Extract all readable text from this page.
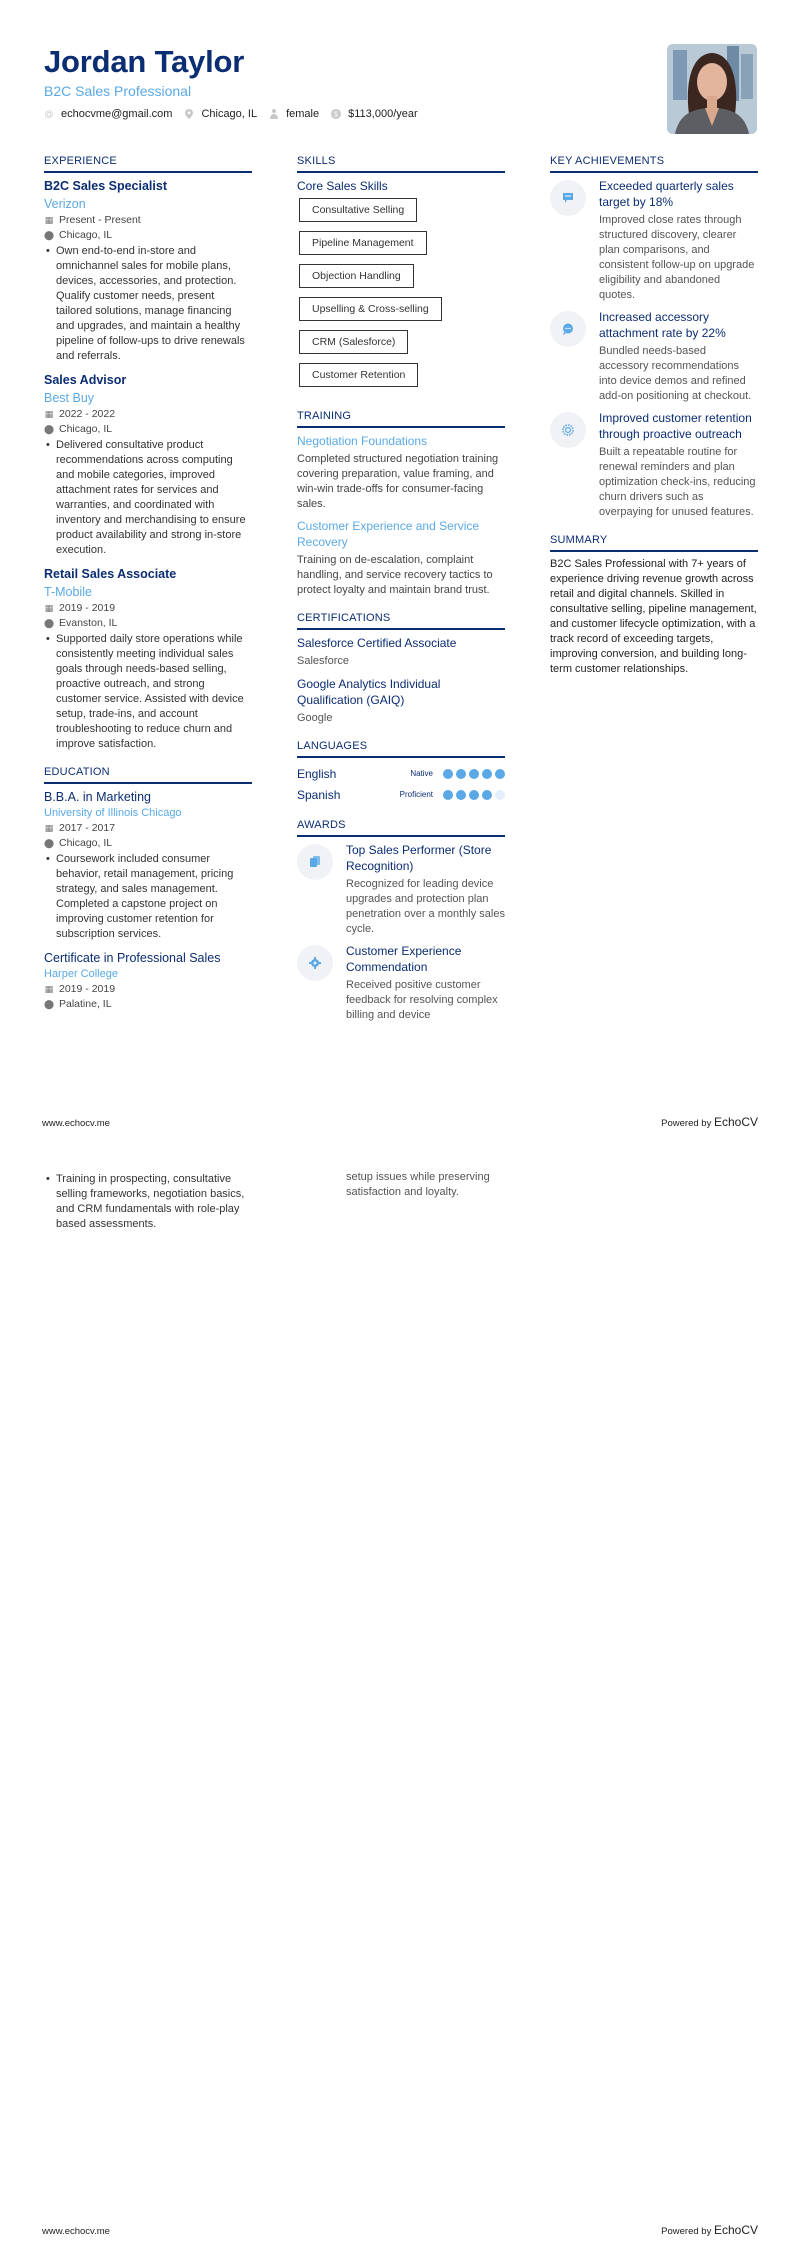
Jordan Taylor
B2C Sales Professional
@ echocvme@gmail.com	Chicago, IL	female $ $113,000/year
EXPERIENCE
B2C Sales Specialist
Verizon
▦ Present - Present
⬤ Chicago, IL
• Own end-to-end in-store and omnichannel sales for mobile plans, devices, accessories, and protection. Qualify customer needs, present tailored solutions, manage financing and upgrades, and maintain a healthy pipeline of follow-ups to drive renewals and referrals.
Sales Advisor
Best Buy
▦ 2022 - 2022
⬤ Chicago, IL
• Delivered consultative product recommendations across computing and mobile categories, improved attachment rates for services and warranties, and coordinated with inventory and merchandising to ensure product availability and strong in-store execution.
Retail Sales Associate
T-Mobile
▦ 2019 - 2019
⬤ Evanston, IL
• Supported daily store operations while consistently meeting individual sales goals through needs-based selling, proactive outreach, and strong customer service. Assisted with device setup, trade-ins, and account troubleshooting to reduce churn and improve satisfaction.
EDUCATION
B.B.A. in Marketing
University of Illinois Chicago
▦ 2017 - 2017
⬤ Chicago, IL
• Coursework included consumer behavior, retail management, pricing strategy, and sales management. Completed a capstone project on improving customer retention for subscription services.
Certificate in Professional Sales
Harper College
▦ 2019 - 2019
⬤ Palatine, IL
SKILLS
Core Sales Skills
Consultative Selling
Pipeline Management
Objection Handling
Upselling & Cross-selling
CRM (Salesforce)
Customer Retention
TRAINING
Negotiation Foundations
Completed structured negotiation training covering preparation, value framing, and win-win trade-offs for consumer-facing sales.
Customer Experience and Service Recovery
Training on de-escalation, complaint handling, and service recovery tactics to protect loyalty and maintain brand trust.
CERTIFICATIONS
Salesforce Certified Associate
Salesforce
Google Analytics Individual Qualification (GAIQ)
Google
LANGUAGES
English	Native
Spanish	Proficient
AWARDS
Top Sales Performer (Store Recognition)
Recognized for leading device upgrades and protection plan penetration over a monthly sales cycle.
Customer Experience Commendation
Received positive customer feedback for resolving complex billing and device
KEY ACHIEVEMENTS
Exceeded quarterly sales target by 18%
Improved close rates through structured discovery, clearer plan comparisons, and consistent follow-up on upgrade eligibility and abandoned quotes.
Increased accessory attachment rate by 22%
Bundled needs-based accessory recommendations into device demos and refined add-on positioning at checkout.
Improved customer retention through proactive outreach
Built a repeatable routine for renewal reminders and plan optimization check-ins, reducing churn drivers such as overpaying for unused features.
SUMMARY
B2C Sales Professional with 7+ years of experience driving revenue growth across retail and digital channels. Skilled in consultative selling, pipeline management, and customer lifecycle optimization, with a track record of exceeding targets, improving conversion, and building long-term customer relationships.
www.echocv.me	Powered by EchoCV
• Training in prospecting, consultative selling frameworks, negotiation basics, and CRM fundamentals with role-play based assessments.
setup issues while preserving satisfaction and loyalty.
www.echocv.me	Powered by EchoCV
